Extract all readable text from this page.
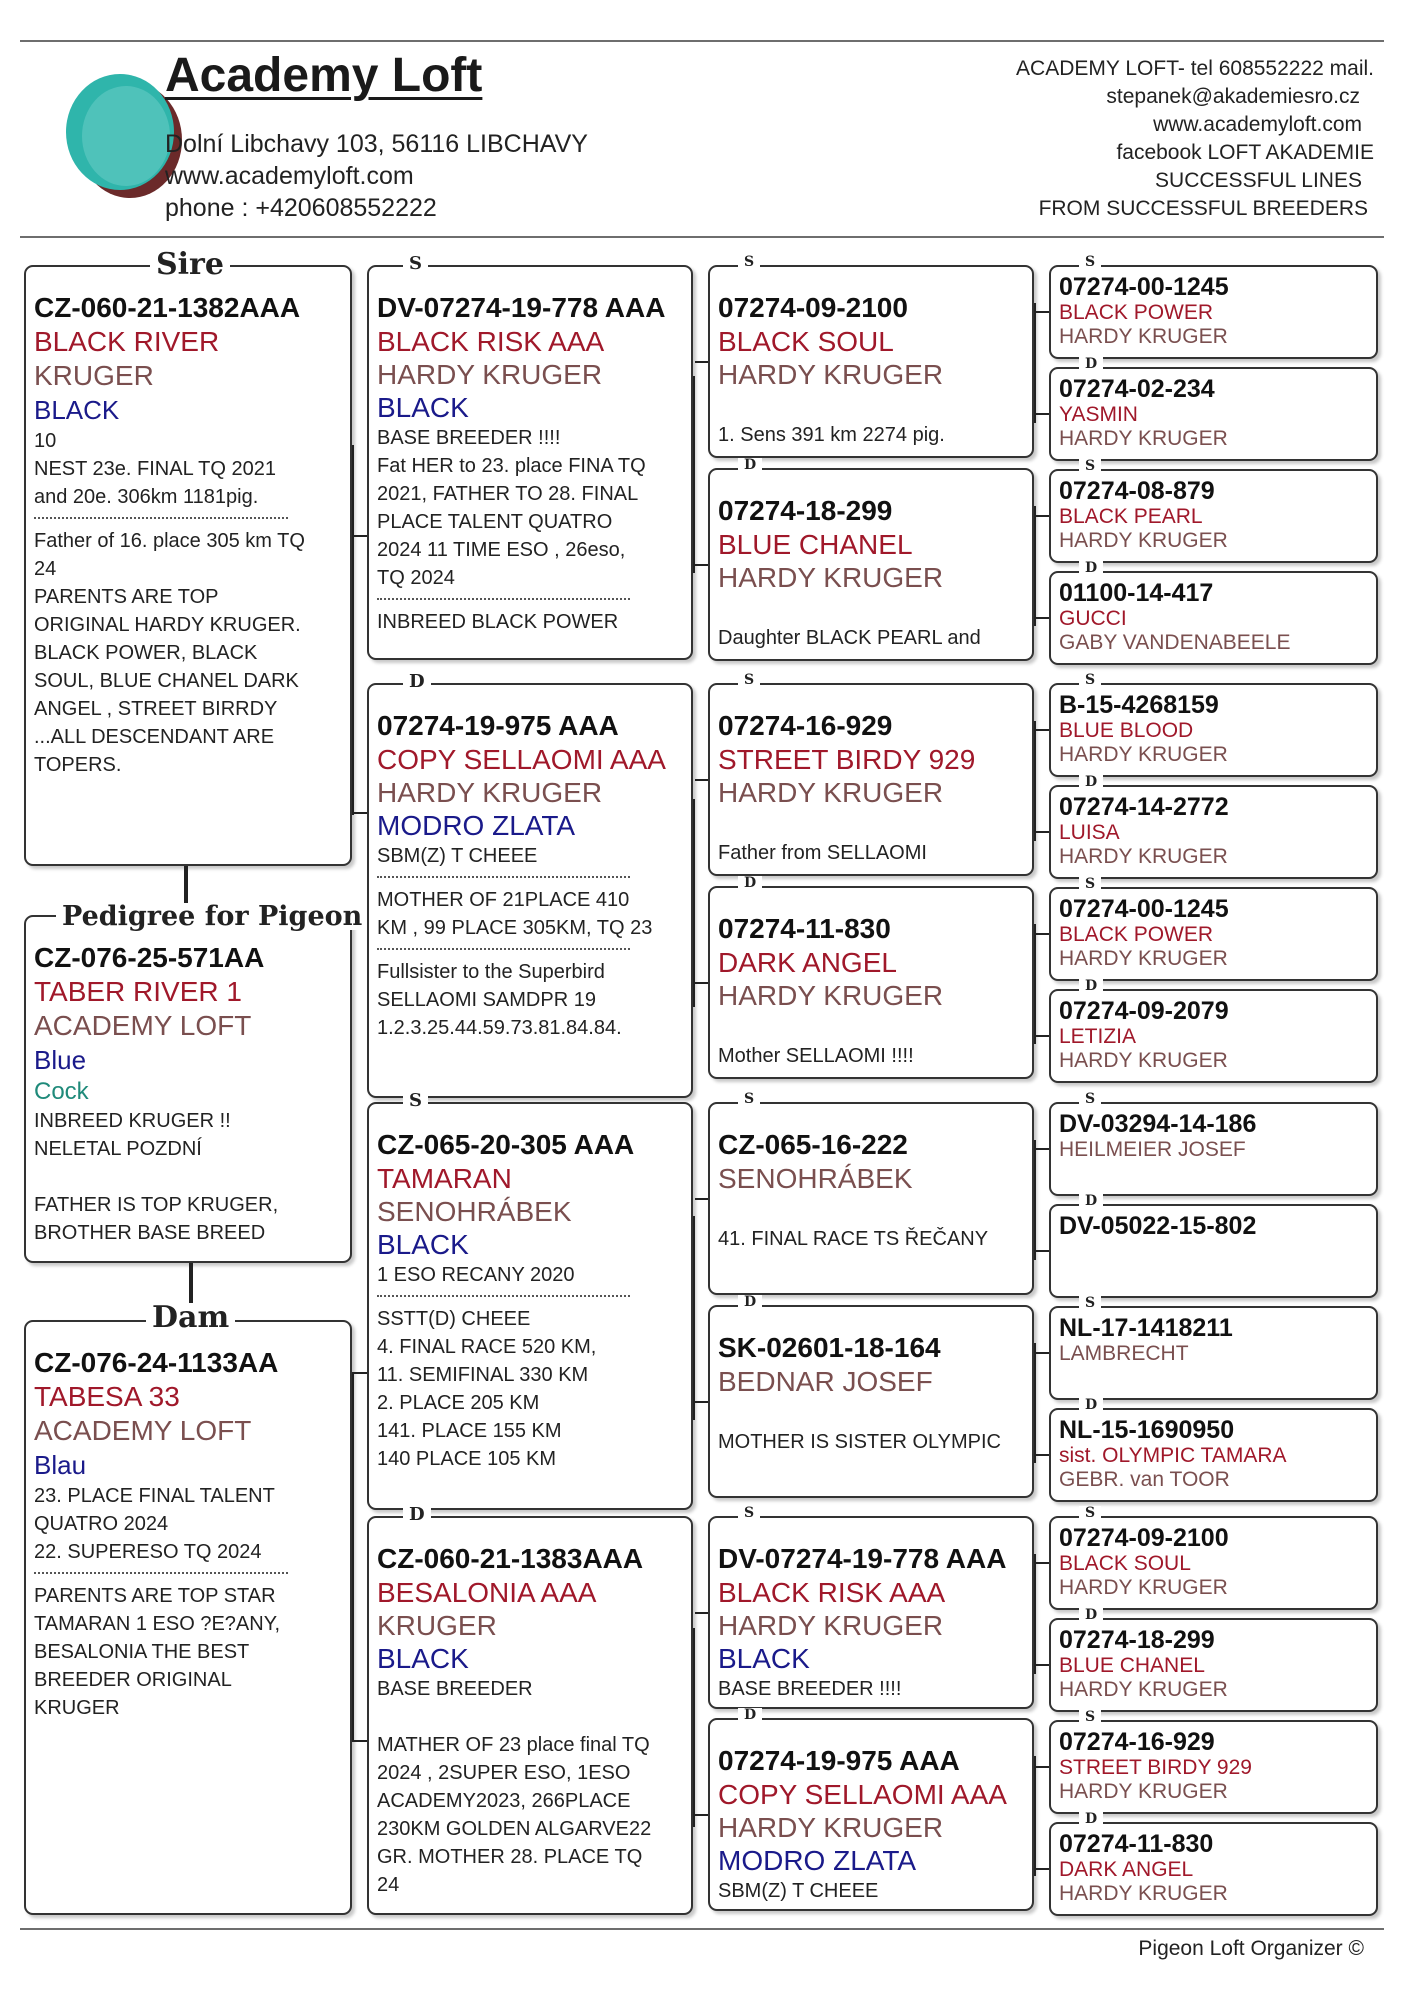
Academy Loft
Dolní Libchavy 103, 56116 LIBCHAVY
www.academyloft.com
phone : +420608552222
ACADEMY LOFT- tel 608552222 mail.
stepanek@akademiesro.cz
www.academyloft.com
facebook LOFT AKADEMIE
SUCCESSFUL LINES
FROM SUCCESSFUL BREEDERS
CZ-060-21-1382AAA
BLACK RIVER
KRUGER
BLACK
10
NEST 23e. FINAL TQ 2021
and 20e. 306km 1181pig.
Father of 16. place 305 km TQ
24
PARENTS ARE TOP
ORIGINAL HARDY KRUGER.
BLACK POWER, BLACK
SOUL, BLUE CHANEL DARK
ANGEL , STREET BIRRDY
...ALL DESCENDANT ARE
TOPERS.
Sire
CZ-076-25-571AA
TABER RIVER 1
ACADEMY LOFT
Blue
Cock
INBREED KRUGER !!
NELETAL POZDNÍ

FATHER IS TOP KRUGER,
BROTHER BASE BREED
Pedigree for Pigeon
CZ-076-24-1133AA
TABESA 33
ACADEMY LOFT
Blau
23. PLACE FINAL TALENT
QUATRO 2024
22. SUPERESO TQ 2024
PARENTS ARE TOP STAR
TAMARAN 1 ESO ?E?ANY,
BESALONIA THE BEST
BREEDER ORIGINAL
KRUGER
Dam
DV-07274-19-778 AAA
BLACK RISK AAA
HARDY KRUGER
BLACK
BASE BREEDER !!!!
Fat HER to 23. place FINA TQ
2021, FATHER TO 28. FINAL
PLACE TALENT QUATRO
2024 11 TIME ESO , 26eso,
TQ 2024
INBREED BLACK POWER
S
07274-19-975 AAA
COPY SELLAOMI AAA
HARDY KRUGER
MODRO ZLATA
SBM(Z) T CHEEE
MOTHER OF 21PLACE 410
KM , 99 PLACE 305KM, TQ 23
Fullsister to the Superbird
SELLAOMI SAMDPR 19
1.2.3.25.44.59.73.81.84.84.
D
CZ-065-20-305 AAA
TAMARAN
SENOHRÁBEK
BLACK
1 ESO RECANY 2020
SSTT(D) CHEEE
4. FINAL RACE 520 KM,
11. SEMIFINAL 330 KM
2. PLACE 205 KM
141. PLACE 155 KM
140 PLACE 105 KM
S
CZ-060-21-1383AAA
BESALONIA AAA
KRUGER
BLACK
BASE BREEDER

MATHER OF 23 place final TQ
2024 , 2SUPER ESO, 1ESO
ACADEMY2023, 266PLACE
230KM GOLDEN ALGARVE22
GR. MOTHER 28. PLACE TQ
24
D
07274-09-2100
BLACK SOUL
HARDY KRUGER
1. Sens 391 km 2274 pig.
S
07274-18-299
BLUE CHANEL
HARDY KRUGER
Daughter BLACK PEARL and
D
07274-16-929
STREET BIRDY 929
HARDY KRUGER
Father from SELLAOMI
S
07274-11-830
DARK ANGEL
HARDY KRUGER
Mother SELLAOMI !!!!
D
CZ-065-16-222
SENOHRÁBEK
41. FINAL RACE TS ŘEČANY
S
SK-02601-18-164
BEDNAR JOSEF
MOTHER IS SISTER OLYMPIC
D
DV-07274-19-778 AAA
BLACK RISK AAA
HARDY KRUGER
BLACK
BASE BREEDER !!!!
S
07274-19-975 AAA
COPY SELLAOMI AAA
HARDY KRUGER
MODRO ZLATA
SBM(Z) T CHEEE
D
07274-00-1245
BLACK POWER
HARDY KRUGER
S
07274-02-234
YASMIN
HARDY KRUGER
D
07274-08-879
BLACK PEARL
HARDY KRUGER
S
01100-14-417
GUCCI
GABY VANDENABEELE
D
B-15-4268159
BLUE BLOOD
HARDY KRUGER
S
07274-14-2772
LUISA
HARDY KRUGER
D
07274-00-1245
BLACK POWER
HARDY KRUGER
S
07274-09-2079
LETIZIA
HARDY KRUGER
D
DV-03294-14-186
HEILMEIER JOSEF
S
DV-05022-15-802
D
NL-17-1418211
LAMBRECHT
S
NL-15-1690950
sist. OLYMPIC TAMARA
GEBR. van TOOR
D
07274-09-2100
BLACK SOUL
HARDY KRUGER
S
07274-18-299
BLUE CHANEL
HARDY KRUGER
D
07274-16-929
STREET BIRDY 929
HARDY KRUGER
S
07274-11-830
DARK ANGEL
HARDY KRUGER
D
Pigeon Loft Organizer ©
